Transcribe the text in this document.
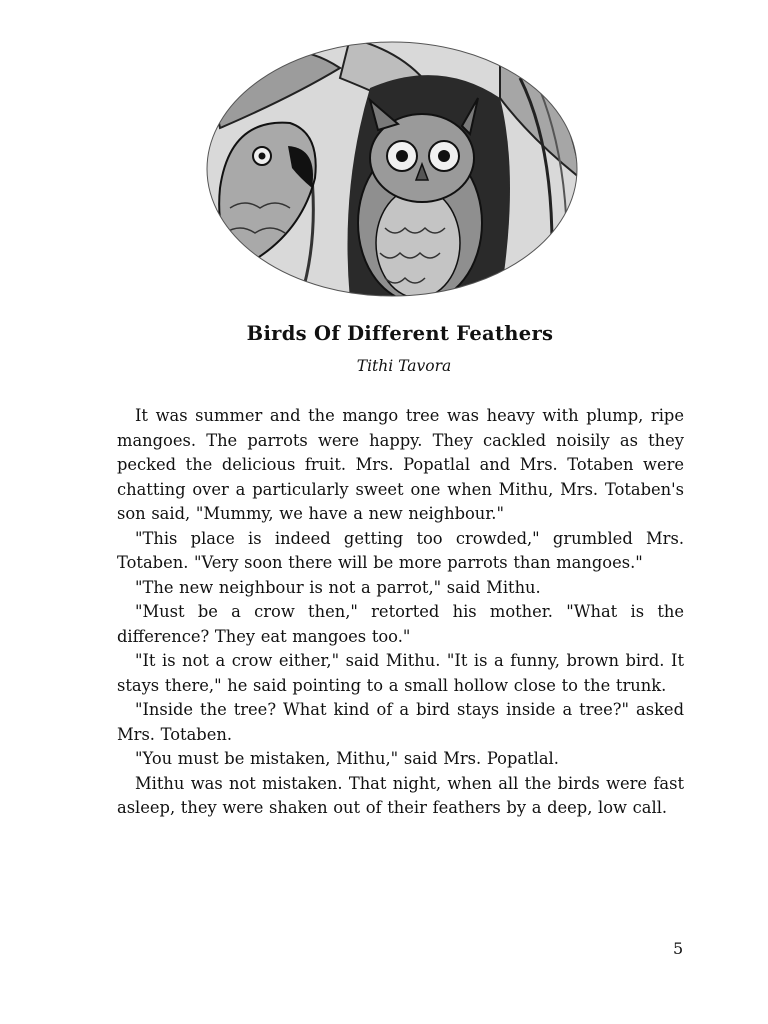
Birds Of Different Feathers
Tithi Tavora

It was summer and the mango tree was heavy with plump, ripe mangoes. The parrots were happy. They cackled noisily as they pecked the delicious fruit. Mrs. Popatlal and Mrs. Totaben were chatting over a particularly sweet one when Mithu, Mrs. Totaben's son said, "Mummy, we have a new neighbour."

"This place is indeed getting too crowded," grumbled Mrs. Totaben. "Very soon there will be more parrots than mangoes."

"The new neighbour is not a parrot," said Mithu.

"Must be a crow then," retorted his mother. "What is the difference? They eat mangoes too."

"It is not a crow either," said Mithu. "It is a funny, brown bird. It stays there," he said pointing to a small hollow close to the trunk.

"Inside the tree? What kind of a bird stays inside a tree?" asked Mrs. Totaben.

"You must be mistaken, Mithu," said Mrs. Popatlal.

Mithu was not mistaken. That night, when all the birds were fast asleep, they were shaken out of their feathers by a deep, low call.

5
